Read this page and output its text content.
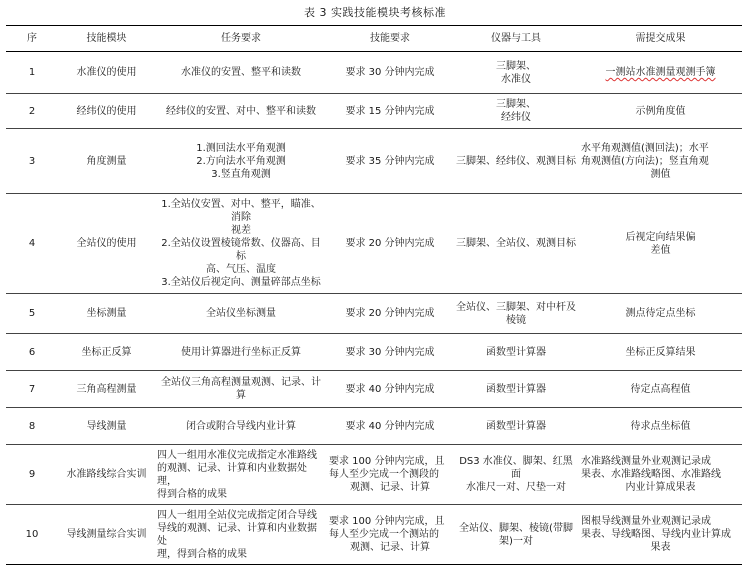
表 3 实践技能模块考核标准
序	技能模块	任务要求	技能要求	仪器与工具	需提交成果
1	水准仪的使用	水准仪的安置、整平和读数	要求 30 分钟内完成	三脚架、
水准仪	一测站水准测量观测手簿

2	经纬仪的使用	经纬仪的安置、对中、整平和读数	要求 15 分钟内完成	三脚架、
经纬仪	示例角度值

3	角度测量	1.测回法水平角观测
2.方向法水平角观测
3.竖直角观测	要求 35 分钟内完成	三脚架、经纬仪、观测目标	水平角观测值(测回法)；水平
角观测值(方向法)；竖直角观
测值

4	全站仪的使用	1.全站仪安置、对中、整平，瞄准、消除
视差
2.全站仪设置棱镜常数、仪器高、目标
高、气压、温度
3.全站仪后视定向、测量碎部点坐标	要求 20 分钟内完成	三脚架、全站仪、观测目标	后视定向结果偏
差值

5	坐标测量	全站仪坐标测量	要求 20 分钟内完成	全站仪、三脚架、对中杆及
棱镜	测点待定点坐标

6	坐标正反算	使用计算器进行坐标正反算	要求 30 分钟内完成	函数型计算器	坐标正反算结果

7	三角高程测量	全站仪三角高程测量观测、记录、计算	要求 40 分钟内完成	函数型计算器	待定点高程值

8	导线测量	闭合或附合导线内业计算	要求 40 分钟内完成	函数型计算器	待求点坐标值

9	水准路线综合实训	四人一组用水准仪完成指定水准路线
的观测、记录、计算和内业数据处理，
得到合格的成果	要求 100 分钟内完成，且
每人至少完成一个测段的
观测、记录、计算	DS3 水准仪、脚架、红黑面
水准尺一对、尺垫一对	水准路线测量外业观测记录成
果表、水准路线略图、水准路线
内业计算成果表

10	导线测量综合实训	四人一组用全站仪完成指定闭合导线
导线的观测、记录、计算和内业数据处
理，得到合格的成果	要求 100 分钟内完成，且
每人至少完成一个测站的
观测、记录、计算	全站仪、脚架、棱镜(带脚
架)一对	图根导线测量外业观测记录成
果表、导线略图、导线内业计算成
果表
